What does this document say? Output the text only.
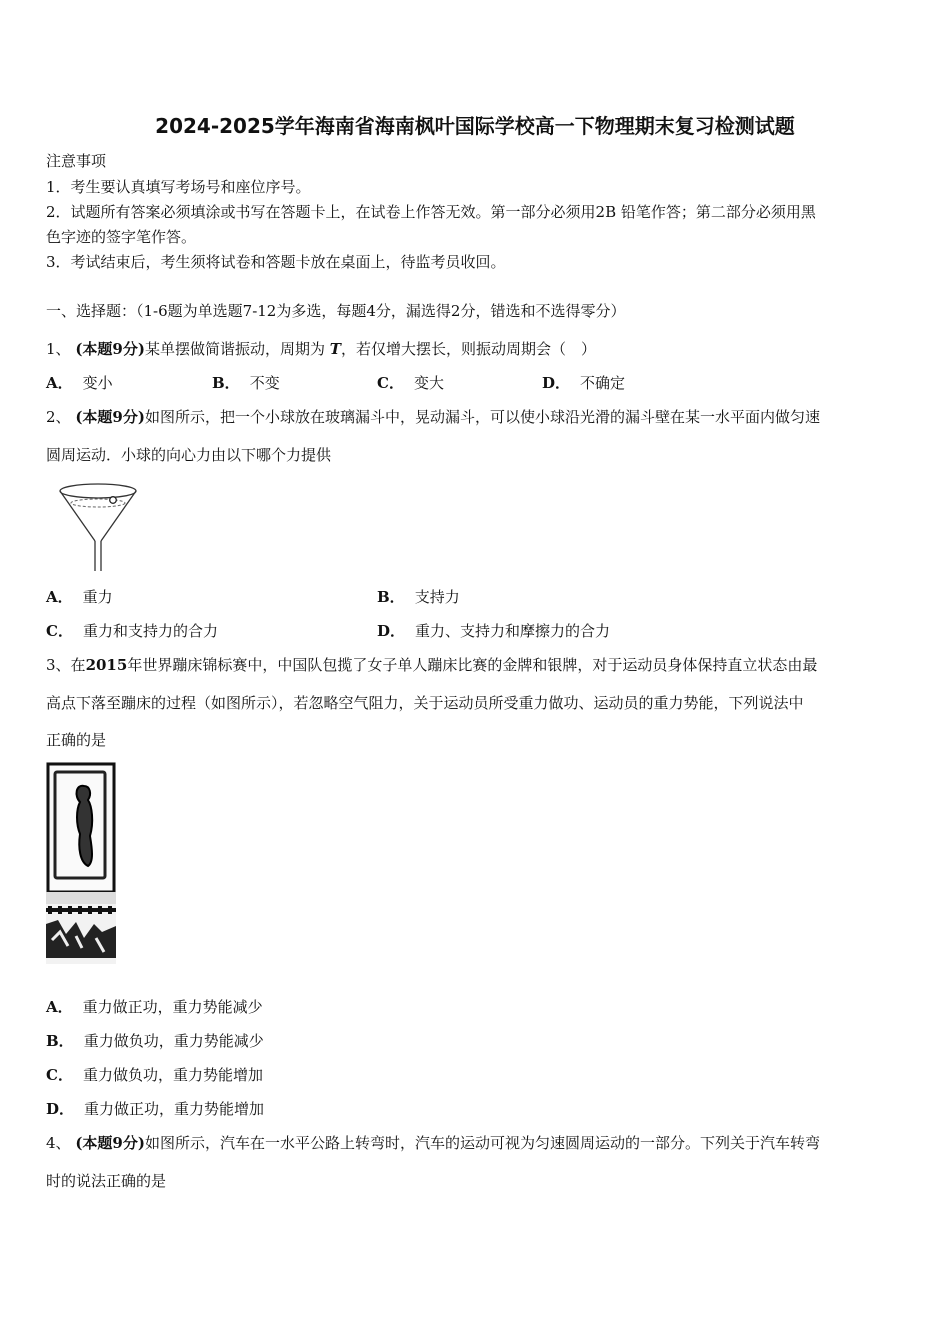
2024-2025学年海南省海南枫叶国际学校高一下物理期末复习检测试题
注意事项
1．考生要认真填写考场号和座位序号。
2．试题所有答案必须填涂或书写在答题卡上，在试卷上作答无效。第一部分必须用2B 铅笔作答；第二部分必须用黑
色字迹的签字笔作答。
3．考试结束后，考生须将试卷和答题卡放在桌面上，待监考员收回。
一、选择题：（1-6题为单选题7-12为多选，每题4分，漏选得2分，错选和不选得零分）
1、 (本题9分)某单摆做简谐振动，周期为 T，若仅增大摆长，则振动周期会（　）
A． 变小	B． 不变	C． 变大	D． 不确定
2、 (本题9分)如图所示，把一个小球放在玻璃漏斗中，晃动漏斗，可以使小球沿光滑的漏斗壁在某一水平面内做匀速
圆周运动．小球的向心力由以下哪个力提供
A． 重力	B． 支持力
C． 重力和支持力的合力	D． 重力、支持力和摩擦力的合力
3、在2015年世界蹦床锦标赛中，中国队包揽了女子单人蹦床比赛的金牌和银牌，对于运动员身体保持直立状态由最
高点下落至蹦床的过程（如图所示），若忽略空气阻力，关于运动员所受重力做功、运动员的重力势能，下列说法中
正确的是
A． 重力做正功，重力势能减少
B． 重力做负功，重力势能减少
C． 重力做负功，重力势能增加
D． 重力做正功，重力势能增加
4、 (本题9分)如图所示，汽车在一水平公路上转弯时，汽车的运动可视为匀速圆周运动的一部分。下列关于汽车转弯
时的说法正确的是
